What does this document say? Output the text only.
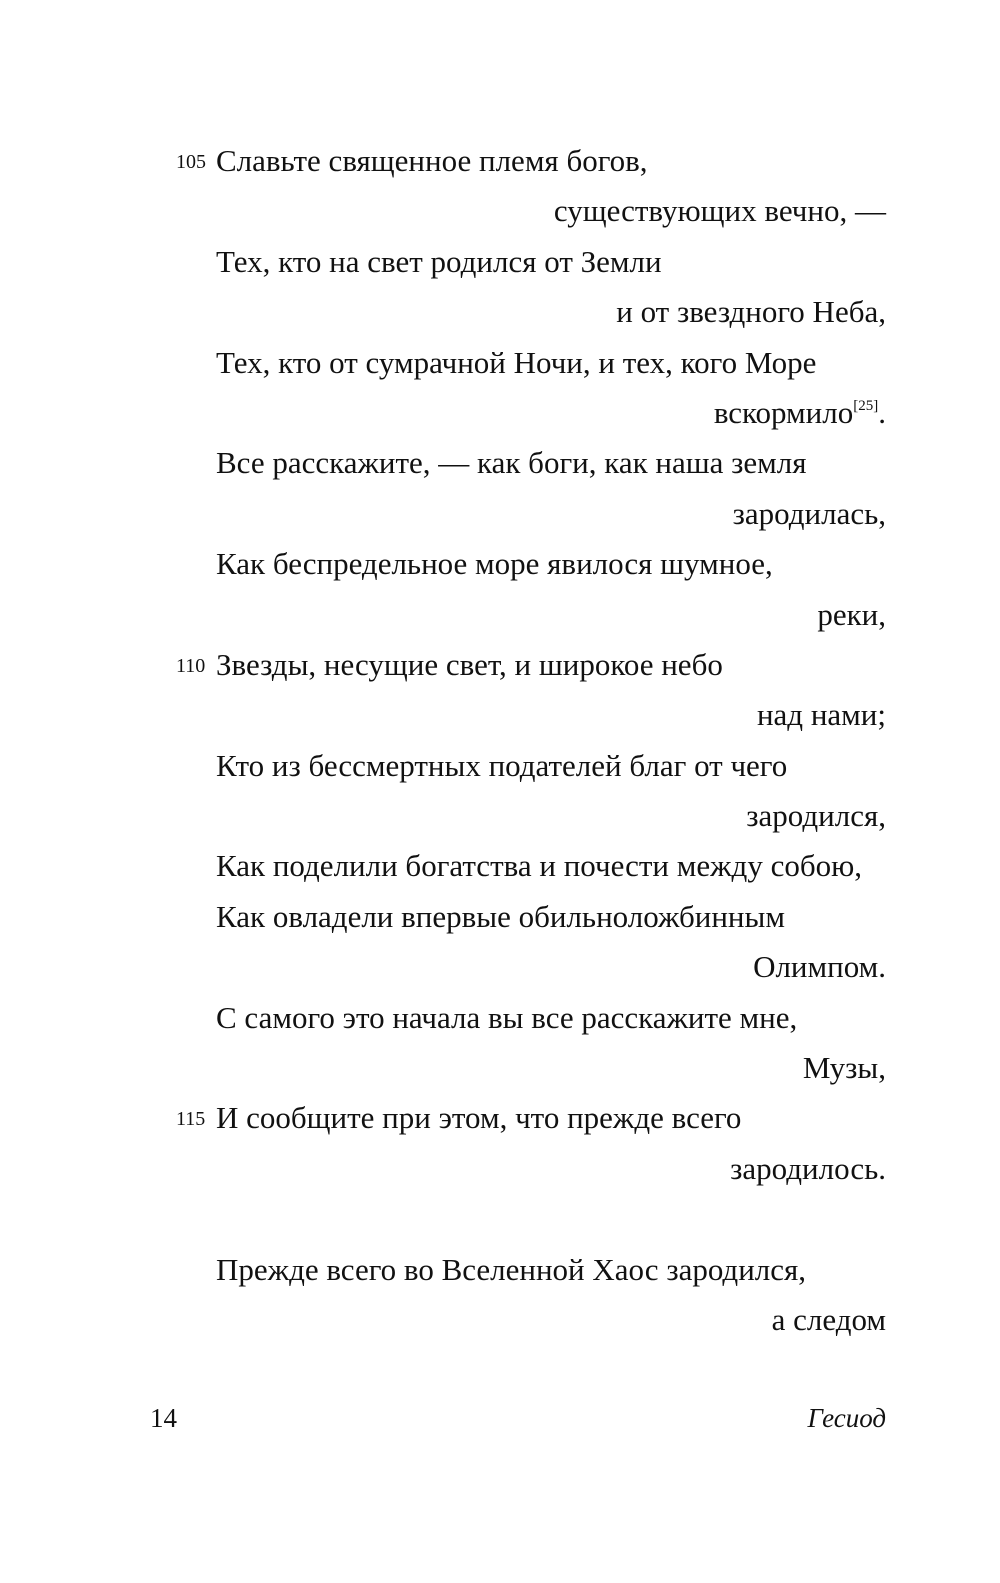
105 Славьте священное племя богов,
существующих вечно, —
Тех, кто на свет родился от Земли
и от звездного Неба,
Тех, кто от сумрачной Ночи, и тех, кого Море
вскормило[25].
Все расскажите, — как боги, как наша земля
зародилась,
Как беспредельное море явилося шумное,
реки,
110 Звезды, несущие свет, и широкое небо
над нами;
Кто из бессмертных подателей благ от чего
зародился,
Как поделили богатства и почести между собою,
Как овладели впервые обильноложбинным
Олимпом.
С самого это начала вы все расскажите мне,
Музы,
115 И сообщите при этом, что прежде всего
зародилось.
Прежде всего во Вселенной Хаос зародился,
а следом
14	Гесиод
